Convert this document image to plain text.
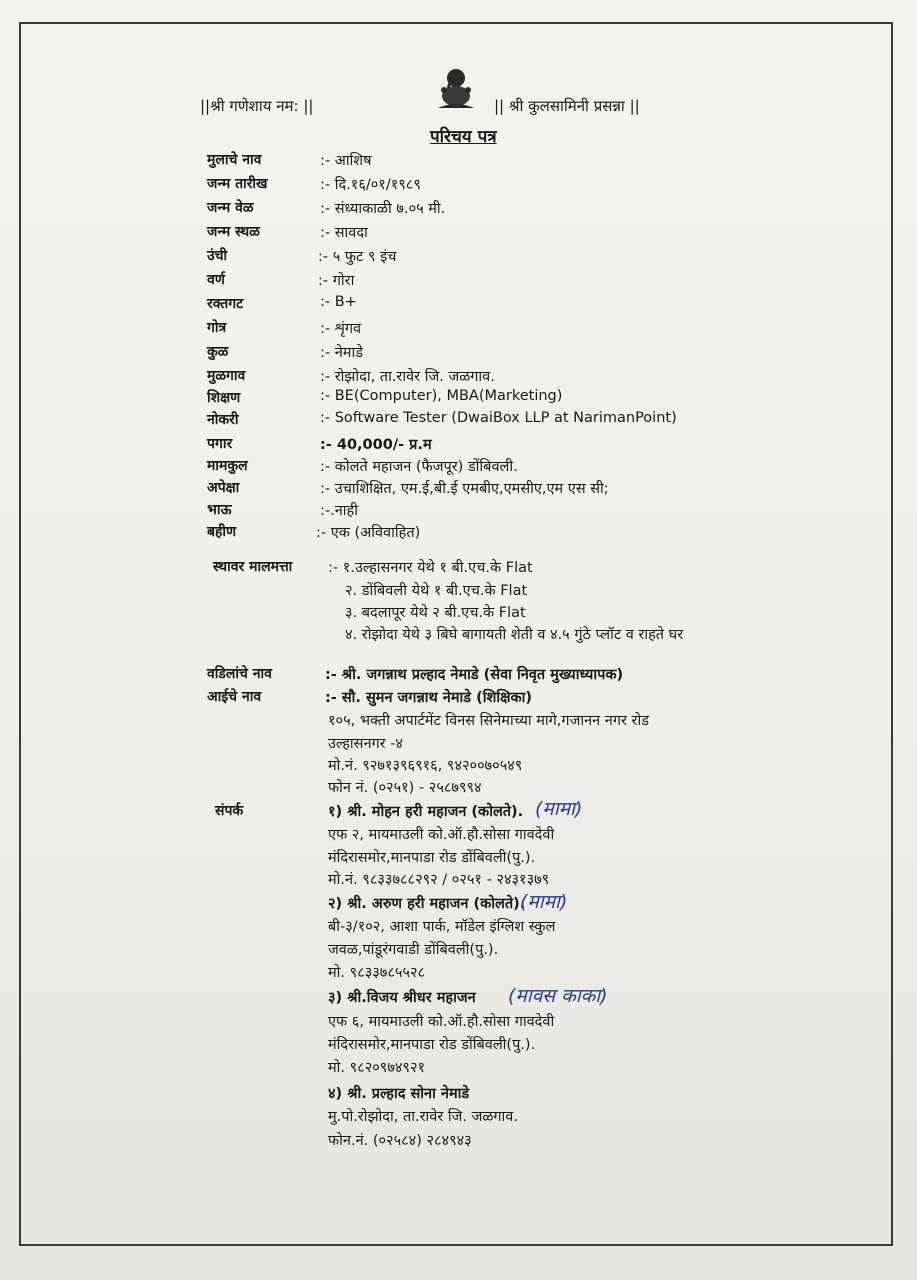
||श्री गणेशाय नम: ||	|| श्री कुलसामिनी प्रसन्ना ||
परिचय पत्र
मुलाचे नाव	:- आशिष
जन्म तारीख	:- दि.१६/०१/१९८९
जन्म वेळ	:- संध्याकाळी ७.०५ मी.
जन्म स्थळ	:- सावदा
उंची	:- ५ फुट ९ इंच
वर्ण	:- गोरा
रक्तगट	:- B+
गोत्र	:- शृंगव
कुळ	:- नेमाडे
मुळगाव	:- रोझोदा, ता.रावेर जि. जळगाव.
शिक्षण	:- BE(Computer), MBA(Marketing)
नोकरी	:- Software Tester (DwaiBox LLP at NarimanPoint)
पगार	:- 40,000/- प्र.म
मामकुल	:- कोलते महाजन (फैजपूर) डोंबिवली.
अपेक्षा	:- उचाशिक्षित, एम.ई,बी.ई एमबीए,एमसीए,एम एस सी;
भाऊ	:-.नाही
बहीण	:- एक (अविवाहित)
स्थावर मालमत्ता :- १.उल्हासनगर येथे १ बी.एच.के Flat
२. डोंबिवली येथे १ बी.एच.के Flat
३. बदलापूर येथे २ बी.एच.के Flat
४. रोझोदा येथे ३ बिघे बागायती शेती व ४.५ गुंठे प्लॉट व राहते घर
वडिलांचे नाव	:- श्री. जगन्नाथ प्रल्हाद नेमाडे (सेवा निवृत मुख्याध्यापक)
आईचे नाव	:- सौ. सुमन जगन्नाथ नेमाडे (शिक्षिका)
१०५, भक्ती अपार्टमेंट विनस सिनेमाच्या मागे,गजानन नगर रोड
उल्हासनगर -४
मो.नं. ९२७१३९६९१६, ९४२००७०५४९
फोन नं. (०२५१) - २५८७९९४
संपर्क	१) श्री. मोहन हरी महाजन (कोलते). (मामा)
एफ २, मायमाउली को.ऑ.हौ.सोसा गावदेवी
मंदिरासमोर,मानपाडा रोड डोंबिवली(पु.).
मो.नं. ९८३३७८८२९२ / ०२५१ - २४३१३७९
२) श्री. अरुण हरी महाजन (कोलते).
(मामा)
बी-३/१०२, आशा पार्क, मॉडेल इंग्लिश स्कुल
जवळ,पांडूरंगवाडी डोंबिवली(पु.).
मो. ९८३३७८५५२८
३) श्री.विजय श्रीधर महाजन (मावस काका)
एफ ६, मायमाउली को.ऑ.हौ.सोसा गावदेवी
मंदिरासमोर,मानपाडा रोड डोंबिवली(पु.).
मो. ९८२०९७४९२१
४) श्री. प्रल्हाद सोना नेमाडे
मु.पो.रोझोदा, ता.रावेर जि. जळगाव.
फोन.नं. (०२५८४) २८४९४३
